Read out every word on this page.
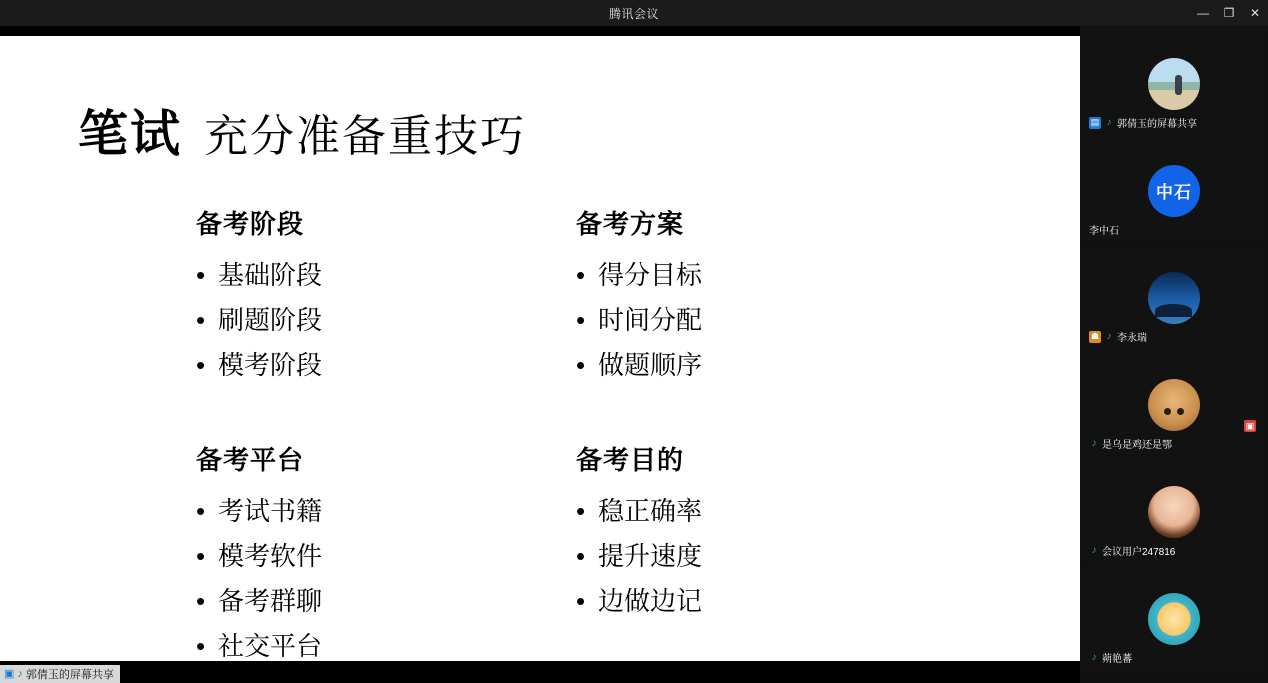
腾讯会议	—	❐	✕
笔试 充分准备重技巧
备考阶段
• 基础阶段
• 刷题阶段
• 模考阶段
备考平台
• 考试书籍
• 模考软件
• 备考群聊
• 社交平台
备考方案
• 得分目标
• 时间分配
• 做题顺序
备考目的
• 稳正确率
• 提升速度
• 边做边记
▣ ♪ 郭倩玉的屏幕共享
▤ ♪ 郭倩玉的屏幕共享
中石
李中石
☗ ♪ 李永瑞
♪ 是乌是鸡还是鄂
▣
♪ 会议用户247816
♪ 蒴艳蕃
